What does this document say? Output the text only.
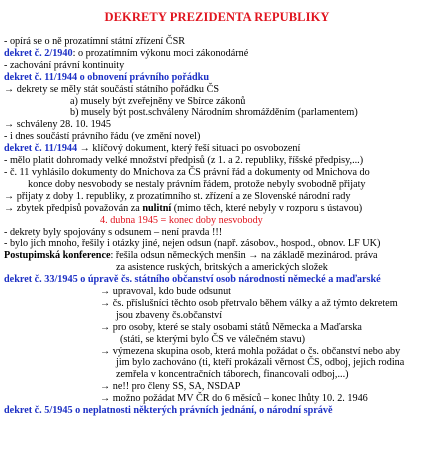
DEKRETY PREZIDENTA REPUBLIKY
- opírá se o ně prozatímní státní zřízení ČSR
dekret č. 2/1940: o prozatímním výkonu moci zákonodárné
- zachování právní kontinuity
dekret č. 11/1944 o obnovení právního pořádku
→ dekrety se měly stát součástí státního pořádku ČS
a) musely být zveřejněny ve Sbírce zákonů
b) musely být post.schváleny Národním shromážděním (parlamentem)
→ schváleny 28. 10. 1945
- i dnes součástí právního řádu (ve změní novel)
dekret č. 11/1944 → klíčový dokument, který řeší situaci po osvobození
- mělo platit dohromady velké množství předpisů (z 1. a 2. republiky, říšské předpisy,...)
- č. 11 vyhlásilo dokumenty do Mnichova za ČS právní řád a dokumenty od Mnichova do
konce doby nesvobody se nestaly právním řádem, protože nebyly svobodně přijaty
→ přijaty z doby 1. republiky, z prozatímního st. zřízení a ze Slovenské národní rady
→ zbytek předpisů považován za nulitní (mimo těch, které nebyly v rozporu s ústavou)
4. dubna 1945 = konec doby nesvobody
- dekrety byly spojovány s odsunem – není pravda !!!
- bylo jich mnoho, řešily i otázky jiné, nejen odsun (např. zásobov., hospod., obnov. LF UK)
Postupimská konference: řešila odsun německých menšin → na základě mezinárod. práva
za asistence ruských, britských a amerických složek
dekret č. 33/1945 o úpravě čs. státního občanství osob národnosti německé a maďarské
→ upravoval, kdo bude odsunut
→ čs. příslušníci těchto osob přetrvalo během války a až týmto dekretem
jsou zbaveny čs.občanství
→ pro osoby, které se staly osobami států Německa a Maďarska
(státi, se kterými bylo ČS ve válečném stavu)
→ výmezena skupina osob, která mohla požádat o čs. občanství nebo aby
jim bylo zachováno (ti, kteří prokázali věrnost ČS, odboj, jejich rodina
zemřela v koncentračních táborech, financovali odboj,...)
→ ne!! pro členy SS, SA, NSDAP
→ možno požádat MV ČR do 6 měsíců – konec lhůty 10. 2. 1946
dekret č. 5/1945 o neplatnosti některých právních jednání, o národní správě
